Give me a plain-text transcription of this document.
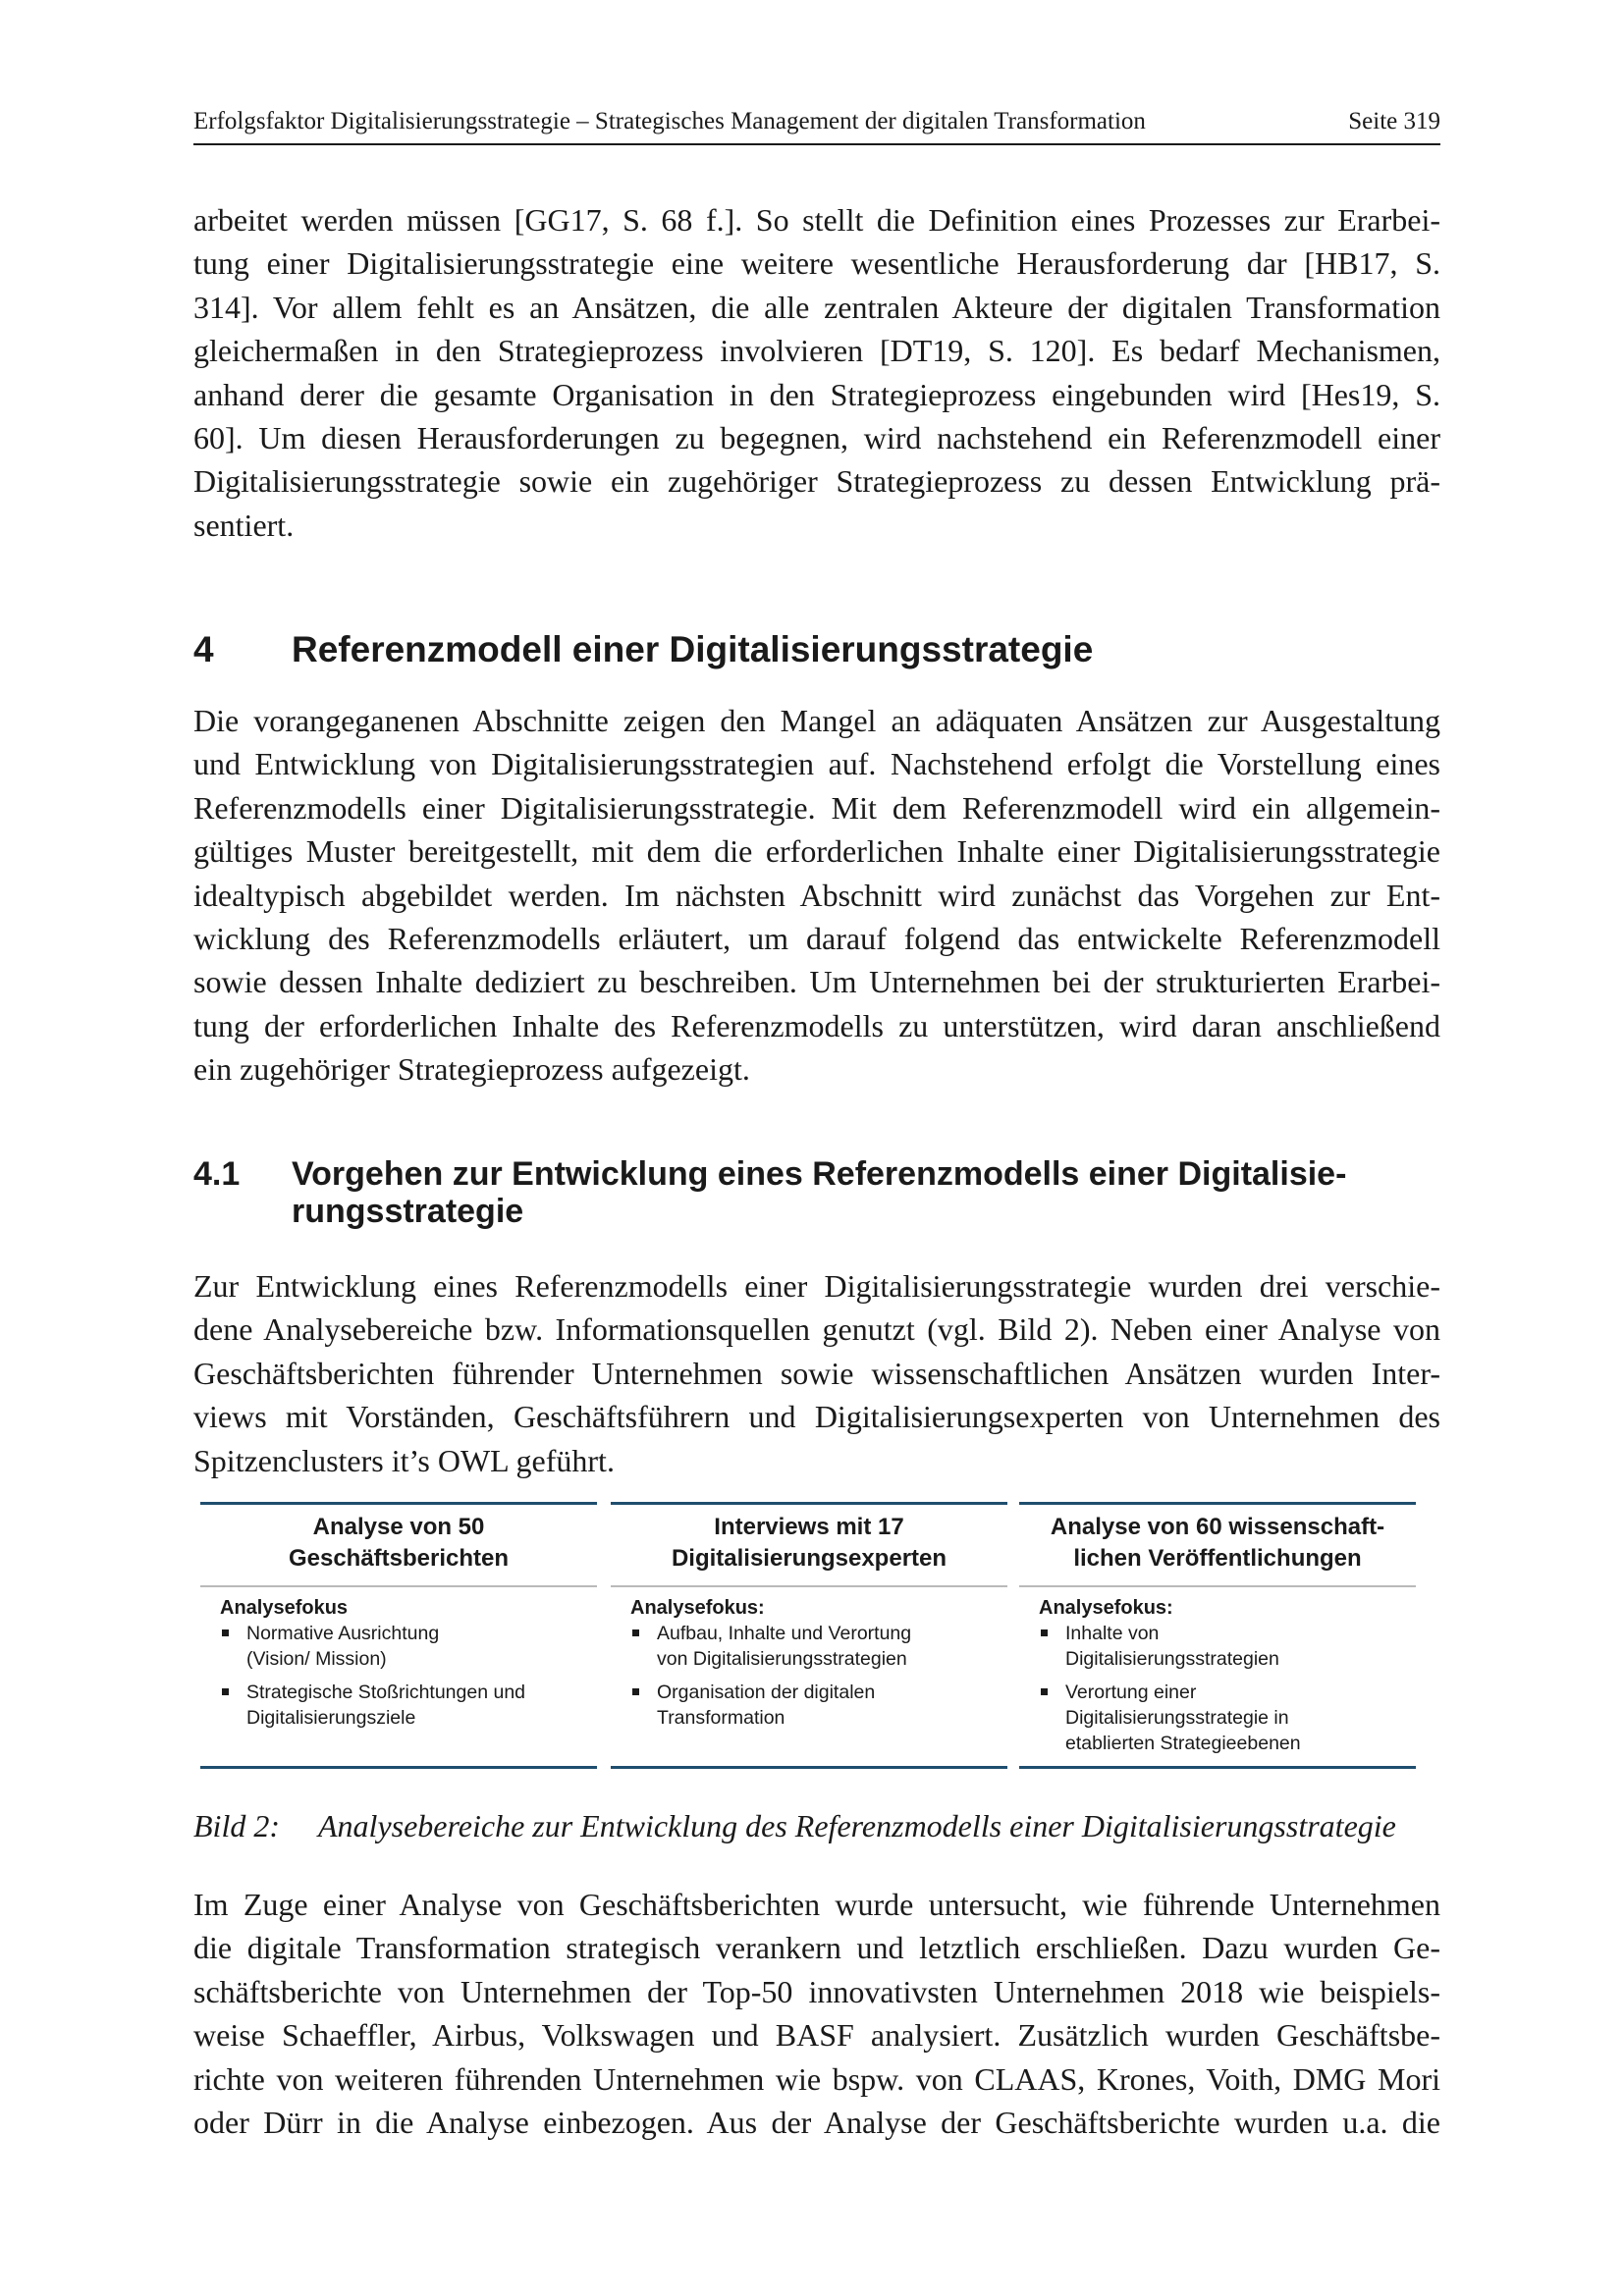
Erfolgsfaktor Digitalisierungsstrategie – Strategisches Management der digitalen Transformation	Seite 319

arbeitet werden müssen [GG17, S. 68 f.]. So stellt die Definition eines Prozesses zur Erarbei-
tung einer Digitalisierungsstrategie eine weitere wesentliche Herausforderung dar [HB17, S.
314]. Vor allem fehlt es an Ansätzen, die alle zentralen Akteure der digitalen Transformation
gleichermaßen in den Strategieprozess involvieren [DT19, S. 120]. Es bedarf Mechanismen,
anhand derer die gesamte Organisation in den Strategieprozess eingebunden wird [Hes19, S.
60]. Um diesen Herausforderungen zu begegnen, wird nachstehend ein Referenzmodell einer
Digitalisierungsstrategie sowie ein zugehöriger Strategieprozess zu dessen Entwicklung prä-
sentiert.

4 Referenzmodell einer Digitalisierungsstrategie

Die vorangeganenen Abschnitte zeigen den Mangel an adäquaten Ansätzen zur Ausgestaltung
und Entwicklung von Digitalisierungsstrategien auf. Nachstehend erfolgt die Vorstellung eines
Referenzmodells einer Digitalisierungsstrategie. Mit dem Referenzmodell wird ein allgemein-
gültiges Muster bereitgestellt, mit dem die erforderlichen Inhalte einer Digitalisierungsstrategie
idealtypisch abgebildet werden. Im nächsten Abschnitt wird zunächst das Vorgehen zur Ent-
wicklung des Referenzmodells erläutert, um darauf folgend das entwickelte Referenzmodell
sowie dessen Inhalte dediziert zu beschreiben. Um Unternehmen bei der strukturierten Erarbei-
tung der erforderlichen Inhalte des Referenzmodells zu unterstützen, wird daran anschließend
ein zugehöriger Strategieprozess aufgezeigt.

4.1 Vorgehen zur Entwicklung eines Referenzmodells einer Digitalisie-
rungsstrategie

Zur Entwicklung eines Referenzmodells einer Digitalisierungsstrategie wurden drei verschie-
dene Analysebereiche bzw. Informationsquellen genutzt (vgl. Bild 2). Neben einer Analyse von
Geschäftsberichten führender Unternehmen sowie wissenschaftlichen Ansätzen wurden Inter-
views mit Vorständen, Geschäftsführern und Digitalisierungsexperten von Unternehmen des
Spitzenclusters it’s OWL geführt.

Analyse von 50
Geschäftsberichten
Analysefokus
Normative Ausrichtung
(Vision/ Mission)
Strategische Stoßrichtungen und
Digitalisierungsziele
Interviews mit 17
Digitalisierungsexperten
Analysefokus:
Aufbau, Inhalte und Verortung
von Digitalisierungsstrategien
Organisation der digitalen
Transformation
Analyse von 60 wissenschaft-
lichen Veröffentlichungen
Analysefokus:
Inhalte von
Digitalisierungsstrategien
Verortung einer
Digitalisierungsstrategie in
etablierten Strategieebenen

Bild 2: Analysebereiche zur Entwicklung des Referenzmodells einer Digitalisierungsstrategie

Im Zuge einer Analyse von Geschäftsberichten wurde untersucht, wie führende Unternehmen
die digitale Transformation strategisch verankern und letztlich erschließen. Dazu wurden Ge-
schäftsberichte von Unternehmen der Top-50 innovativsten Unternehmen 2018 wie beispiels-
weise Schaeffler, Airbus, Volkswagen und BASF analysiert. Zusätzlich wurden Geschäftsbe-
richte von weiteren führenden Unternehmen wie bspw. von CLAAS, Krones, Voith, DMG Mori
oder Dürr in die Analyse einbezogen. Aus der Analyse der Geschäftsberichte wurden u.a. die
